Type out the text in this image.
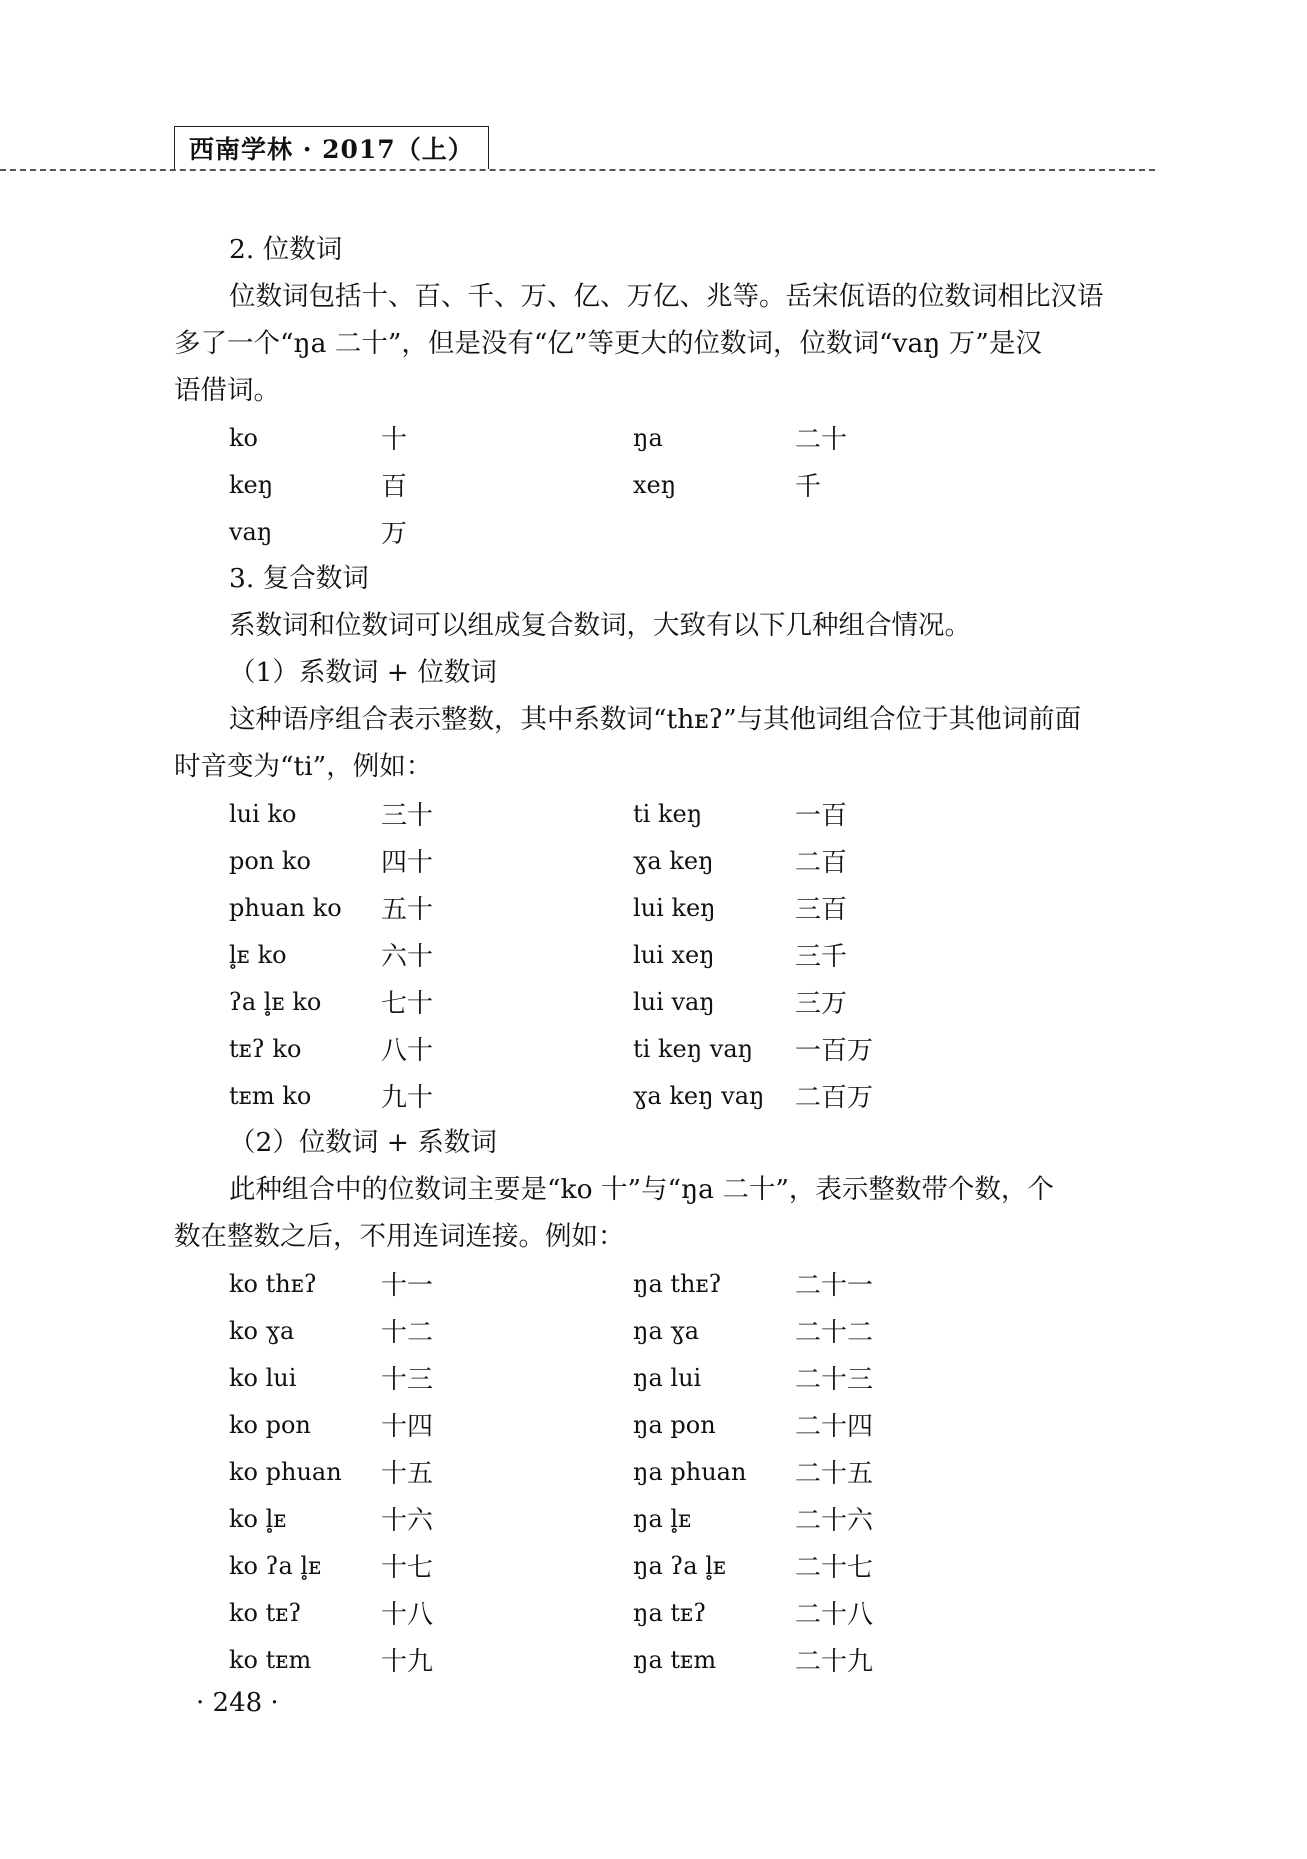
西南学林 · 2017（上）
2. 位数词
位数词包括十、百、千、万、亿、万亿、兆等。岳宋佤语的位数词相比汉语
多了一个“ŋa 二十”，但是没有“亿”等更大的位数词，位数词“vaŋ 万”是汉
语借词。
ko	十	ŋa	二十
keŋ	百	xeŋ	千
vaŋ	万
3. 复合数词
系数词和位数词可以组成复合数词，大致有以下几种组合情况。
（1）系数词 + 位数词
这种语序组合表示整数，其中系数词“thᴇʔ”与其他词组合位于其他词前面
时音变为“ti”，例如：
lui ko	三十	ti keŋ	一百
pon ko	四十	ɣa keŋ	二百
phuan ko	五十	lui keŋ	三百
l̥ᴇ ko	六十	lui xeŋ	三千
ʔa l̥ᴇ ko	七十	lui vaŋ	三万
tᴇʔ ko	八十	ti keŋ vaŋ	一百万
tᴇm ko	九十	ɣa keŋ vaŋ	二百万
（2）位数词 + 系数词
此种组合中的位数词主要是“ko 十”与“ŋa 二十”，表示整数带个数，个
数在整数之后，不用连词连接。例如：
ko thᴇʔ	十一	ŋa thᴇʔ	二十一
ko ɣa	十二	ŋa ɣa	二十二
ko lui	十三	ŋa lui	二十三
ko pon	十四	ŋa pon	二十四
ko phuan	十五	ŋa phuan	二十五
ko l̥ᴇ	十六	ŋa l̥ᴇ	二十六
ko ʔa l̥ᴇ	十七	ŋa ʔa l̥ᴇ	二十七
ko tᴇʔ	十八	ŋa tᴇʔ	二十八
ko tᴇm	十九	ŋa tᴇm	二十九
· 248 ·
